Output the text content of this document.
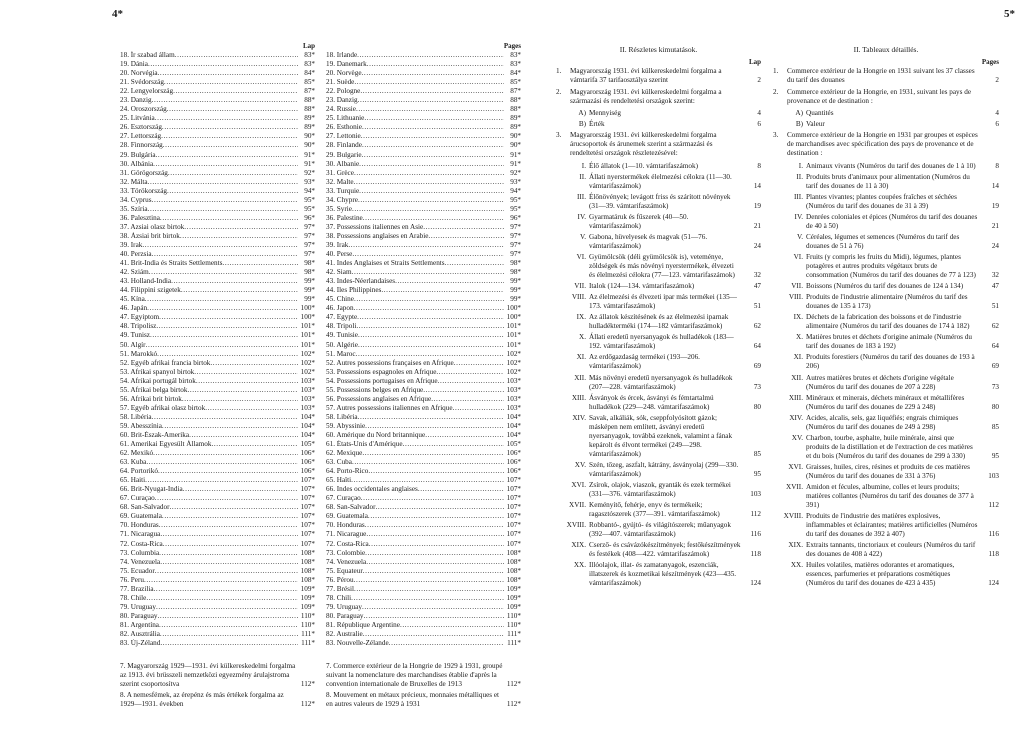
4*	5*
Lap
18. Ír szabad állam .....	83*
19. Dánia .....	83*
20. Norvégia .....	84*
21. Svédország .....	85*
22. Lengyelország .....	87*
23. Danzig .....	88*
24. Oroszország .....	88*
25. Litvánia .....	89*
26. Esztország .....	89*
27. Lettország .....	90*
28. Finnország .....	90*
29. Bulgária .....	91*
30. Albánia .....	91*
31. Görögország .....	92*
32. Málta .....	93*
33. Törökország .....	94*
34. Cyprus .....	95*
35. Szíria .....	95*
36. Palesztina .....	96*
37. Azsiai olasz birtok .....	97*
38. Ázsiai brit birtok .....	97*
39. Irak .....	97*
40. Perzsia .....	97*
41. Brit-India és Straits Settlements .....	98*
42. Sziám .....	98*
43. Holland-India .....	99*
44. Filippini szigetek .....	99*
45. Kína .....	99*
46. Japán .....	100*
47. Egyiptom .....	100*
48. Tripolisz .....	101*
49. Tunisz .....	101*
50. Algír .....	101*
51. Marokkó .....	102*
52. Egyéb afrikai francia birtok .....	102*
53. Afrikai spanyol birtok .....	102*
54. Afrikai portugál birtok .....	103*
55. Afrikai belga birtok .....	103*
56. Afrikai brit birtok .....	103*
57. Egyéb afrikai olasz birtok .....	103*
58. Libéria .....	104*
59. Abesszínia .....	104*
60. Brit-Észak-Amerika .....	104*
61. Amerikai Egyesült Államok .....	105*
62. Mexikó .....	106*
63. Kuba .....	106*
64. Portorikó .....	106*
65. Haiti .....	107*
66. Brit-Nyugat-India .....	107*
67. Curaçao .....	107*
68. San-Salvador .....	107*
69. Guatemala .....	107*
70. Honduras .....	107*
71. Nicaragua .....	107*
72. Costa-Rica .....	107*
73. Columbia .....	108*
74. Venezuela .....	108*
75. Ecuador .....	108*
76. Peru .....	108*
77. Brazilia .....	109*
78. Chile .....	109*
79. Uruguay .....	109*
80. Paraguay .....	110*
81. Argentína .....	110*
82. Ausztrália .....	111*
83. Új-Zéland .....	111*
7. Magyarország 1929—1931. évi külkereskedelmi forgalma az 1913. évi brüsszeli nemzetközi egyezmény árulajstroma szerint csoportosítva	112*
8. A nemesfémek, az érepénz és más értékek forgalma az 1929—1931. években	112*
Pages
18. Irlande .....	83*
19. Danemark .....	83*
20. Norvège .....	84*
21. Suède .....	85*
22. Pologne .....	87*
23. Danzig .....	88*
24. Russie .....	88*
25. Lithuanie .....	89*
26. Esthonie .....	89*
27. Lettonie .....	90*
28. Finlande .....	90*
29. Bulgarie .....	91*
30. Albanie .....	91*
31. Grèce .....	92*
32. Malte .....	93*
33. Turquie .....	94*
34. Chypre .....	95*
35. Syrie .....	95*
36. Palestine .....	96*
37. Possessions italiennes en Asie .....	97*
38. Possessions anglaises en Arabie .....	97*
39. Irak .....	97*
40. Perse .....	97*
41. Indes Anglaises et Straits Settlements .....	98*
42. Siam .....	98*
43. Indes-Néerlandaises .....	99*
44. Iles Philippines .....	99*
45. Chine .....	99*
46. Japon .....	100*
47. Egypte .....	100*
48. Tripoli .....	101*
49. Tunisie .....	101*
50. Algérie .....	101*
51. Maroc .....	102*
52. Autres possessions françaises en Afrique .....	102*
53. Possessions espagnoles en Afrique .....	102*
54. Possessions portugaises en Afrique .....	103*
55. Possessions belges en Afrique .....	103*
56. Possessions anglaises en Afrique .....	103*
57. Autres possessions italiennes en Afrique .....	103*
58. Libéria .....	104*
59. Abyssinie .....	104*
60. Amérique du Nord britannique .....	104*
61. États-Unis d'Amérique .....	105*
62. Mexique .....	106*
63. Cuba .....	106*
64. Porto-Rico .....	106*
65. Haïti .....	107*
66. Indes occidentales anglaises .....	107*
67. Curaçao .....	107*
68. San-Salvador .....	107*
69. Guatemala .....	107*
70. Honduras .....	107*
71. Nicarague .....	107*
72. Costa-Rica .....	107*
73. Colombie .....	108*
74. Venezuela .....	108*
75. Equateur .....	108*
76. Pérou .....	108*
77. Brésil .....	109*
78. Chili .....	109*
79. Uruguay .....	109*
80. Paraguay .....	110*
81. République Argentine .....	110*
82. Australie .....	111*
83. Nouvelle-Zélande .....	111*
7. Commerce extérieur de la Hongrie de 1929 à 1931, groupé suivant la nomenclature des marchandises établie d'après la convention internationale de Bruxelles de 1913	112*
8. Mouvement en métaux précieux, monnaies métalliques et en autres valeurs de 1929 à 1931	112*
II. Részletes kimutatások.
Lap
1.	Magyarország 1931. évi külkereskedelmi forgalma a vámtarifa 37 tarifaosztálya szerint	2
2.	Magyarország 1931. évi külkereskedelmi forgalma a származási és rendeltetési országok szerint:
A) Mennyiség	4
B) Érték	6
3.	Magyarország 1931. évi külkereskedelmi forgalma árucsoportok és árunemek szerint a származási és rendeltetési országok részletezésével:
I. Élő állatok (1—10. vámtarifaszámok)	8
II. Állati nyerstermékek élelmezési célokra (11—30. vámtarifaszámok)	14
III. Élőnövények; levágott friss és szárított növények (31—39. vámtarifaszámok)	19
IV. Gyarmatáruk és fűszerek (40—50. vámtarifaszámok)	21
V. Gabona, hüvelyesek és magvak (51—76. vámtarifaszámok)	24
VI. Gyümölcsök (déli gyümölcsök is), veteménye, zöldségek és más növényi nyerstermékek, élvezeti és élelmezési célokra (77—123. vámtarifaszámok)	32
VII. Italok (124—134. vámtarifaszámok)	47
VIII. Az élelmezési és élvezeti ipar más termékei (135—173. vámtarifaszámok)	51
IX. Az állatok készítésének és az élelmezési iparnak hulladékterméki (174—182 vámtarifaszámok)	62
X. Állati eredetű nyersanyagok és hulladékok (183—192. vámtarifaszámok)	64
XI. Az erdőgazdaság termékei (193—206. vámtarifaszámok)	69
XII. Más növényi eredetű nyersanyagok és hulladékok (207—228. vámtarifaszámok)	73
XIII. Ásványok és ércek, ásványi és fémtartalmú hulladékok (229—248. vámtarifaszámok)	80
XIV. Savak, alkáliák, sók, cseppfolyósított gázok; másképen nem említett, ásványi eredetű nyersanyagok, továbbá ezeknek, valamint a fának kepárolt és élvont termékei (249—298. vámtarifaszámok)	85
XV. Szén, tőzeg, aszfalt, kátrány, ásványolaj (299—330. vámtarifaszámok)	95
XVI. Zsírok, olajok, viaszok, gyanták és ezek termékei (331—376. vámtarifaszámok)	103
XVII. Keményítő, fehérje, enyv és termékeik; ragasztószerek (377—391. vámtarifaszámok)	112
XVIII. Robbantó-, gyújtó- és világítószerek; műanyagok (392—407. vámtarifaszámok)	116
XIX. Cserző- és csávázókészítmények; festőkészítmények és festékek (408—422. vámtarifaszámok)	118
XX. Illóolajok, illat- és zamatanyagok, eszenciák, illatszerek és kozmetikai készítmények (423—435. vámtarifaszámok)	124
II. Tableaux détaillés.
Pages
1.	Commerce extérieur de la Hongrie en 1931 suivant les 37 classes du tarif des douanes	2
2.	Commerce extérieur de la Hongrie, en 1931, suivant les pays de provenance et de destination :
A) Quantités	4
B) Valeur	6
3.	Commerce extérieur de la Hongrie en 1931 par groupes et espèces de marchandises avec spécification des pays de provenance et de destination :
I. Animaux vivants (Numéros du tarif des douanes de 1 à 10)	8
II. Produits bruts d'animaux pour alimentation (Numéros du tarif des douanes de 11 à 30)	14
III. Plantes vivantes; plantes coupées fraîches et séchées (Numéros du tarif des douanes de 31 à 39)	19
IV. Denrées coloniales et épices (Numéros du tarif des douanes de 40 à 50)	21
V. Céréales, légumes et semences (Numéros du tarif des douanes de 51 à 76)	24
VI. Fruits (y compris les fruits du Midi), légumes, plantes potagères et autres produits végétaux bruts de consommation (Numéros du tarif des douanes de 77 à 123)	32
VII. Boissons (Numéros du tarif des douanes de 124 à 134)	47
VIII. Produits de l'industrie alimentaire (Numéros du tarif des douanes de 135 à 173)	51
IX. Déchets de la fabrication des boissons et de l'industrie alimentaire (Numéros du tarif des douanes de 174 à 182)	62
X. Matières brutes et déchets d'origine animale (Numéros du tarif des douanes de 183 à 192)	64
XI. Produits forestiers (Numéros du tarif des douanes de 193 à 206)	69
XII. Autres matières brutes et déchets d'origine végétale (Numéros du tarif des douanes de 207 à 228)	73
XIII. Minéraux et minerais, déchets minéraux et métallifères (Numéros du tarif des douanes de 229 à 248)	80
XIV. Acides, alcalis, sels, gaz liquéfiés; engrais chimiques (Numéros du tarif des douanes de 249 à 298)	85
XV. Charbon, tourbe, asphalte, huile minérale, ainsi que produits de la distillation et de l'extraction de ces matières et du bois (Numéros du tarif des douanes de 299 à 330)	95
XVI. Graisses, huiles, cires, résines et produits de ces matières (Numéros du tarif des douanes de 331 à 376)	103
XVII. Amidon et fécules, albumine, colles et leurs produits; matières collantes (Numéros du tarif des douanes de 377 à 391)	112
XVIII. Produits de l'industrie des matières explosives, inflammables et éclairantes; matières artificielles (Numéros du tarif des douanes de 392 à 407)	116
XIX. Extraits tannants, tinctoriaux et couleurs (Numéros du tarif des douanes de 408 à 422)	118
XX. Huiles volatiles, matières odorantes et aromatiques, essences, parfumeries et préparations cosmétiques (Numéros du tarif des douanes de 423 à 435)	124
